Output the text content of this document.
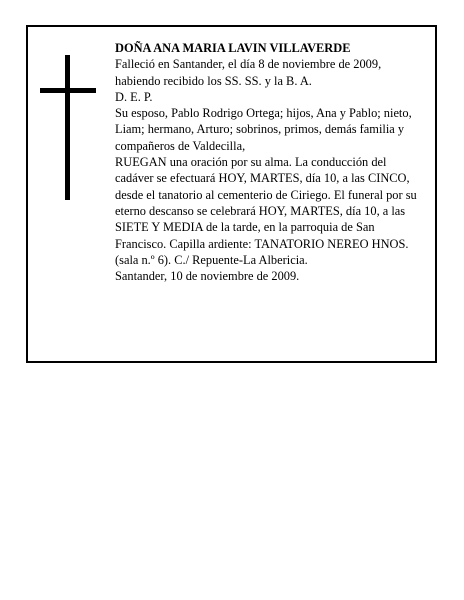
DOÑA ANA MARIA LAVIN VILLAVERDE

Falleció en Santander, el día 8 de noviembre de 2009, habiendo recibido los SS. SS. y la B. A.

D. E. P.

Su esposo, Pablo Rodrigo Ortega; hijos, Ana y Pablo; nieto, Liam; hermano, Arturo; sobrinos, primos, demás familia y compañeros de Valdecilla,

RUEGAN una oración por su alma. La conducción del cadáver se efectuará HOY, MARTES, día 10, a las CINCO, desde el tanatorio al cementerio de Ciriego. El funeral por su eterno descanso se celebrará HOY, MARTES, día 10, a las SIETE Y MEDIA de la tarde, en la parroquia de San Francisco. Capilla ardiente: TANATORIO NEREO HNOS. (sala n.º 6). C./ Repuente-La Albericia.

Santander, 10 de noviembre de 2009.
